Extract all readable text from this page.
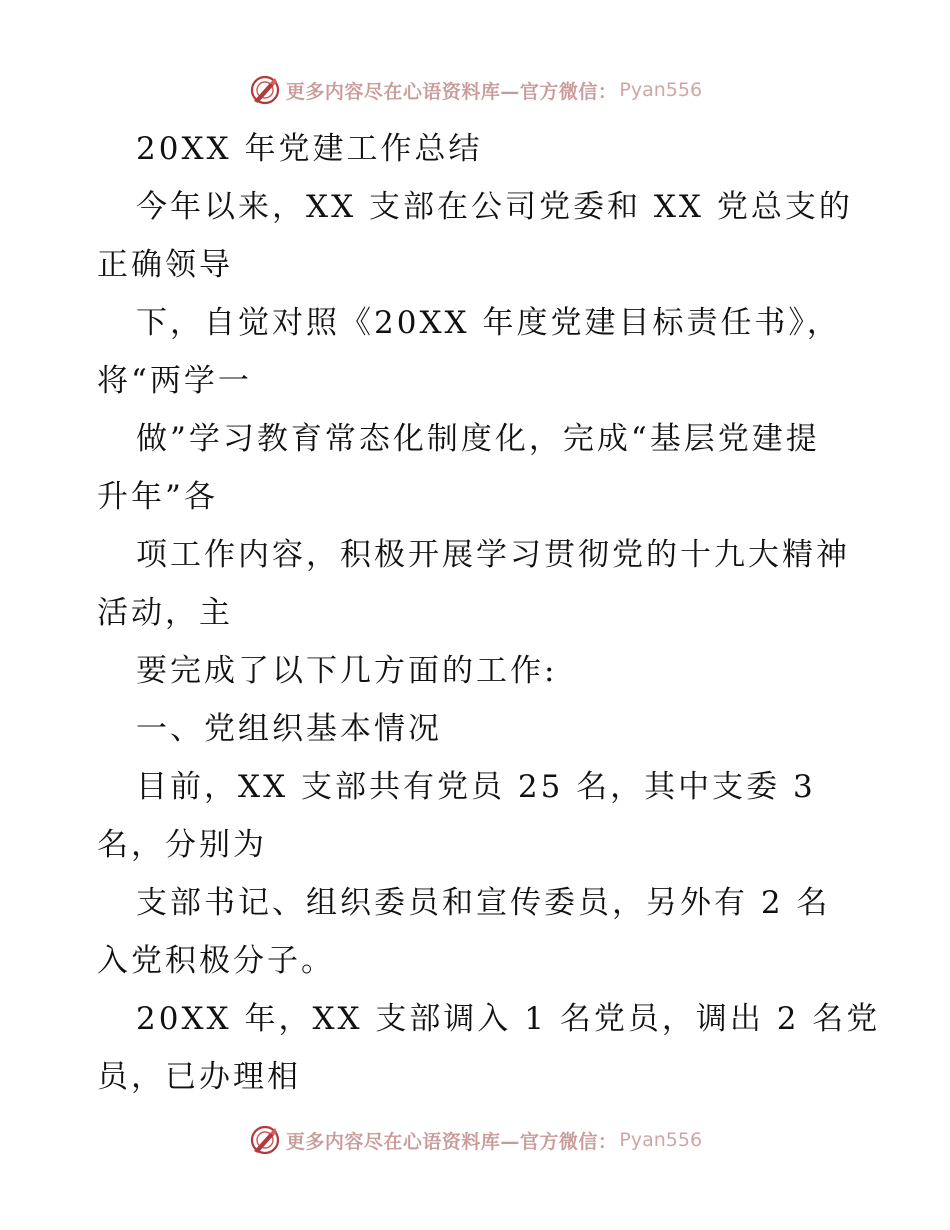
更多内容尽在心语资料库—官方微信： Pyan556

20XX 年党建工作总结

今年以来，XX 支部在公司党委和 XX 党总支的

正确领导

下，自觉对照《20XX 年度党建目标责任书》，

将“两学一

做”学习教育常态化制度化，完成“基层党建提

升年”各

项工作内容，积极开展学习贯彻党的十九大精神

活动，主

要完成了以下几方面的工作:

一、党组织基本情况

目前，XX 支部共有党员 25 名，其中支委 3

名，分别为

支部书记、组织委员和宣传委员，另外有 2 名

入党积极分子。

20XX 年，XX 支部调入 1 名党员，调出 2 名党

员，已办理相

更多内容尽在心语资料库—官方微信： Pyan556
